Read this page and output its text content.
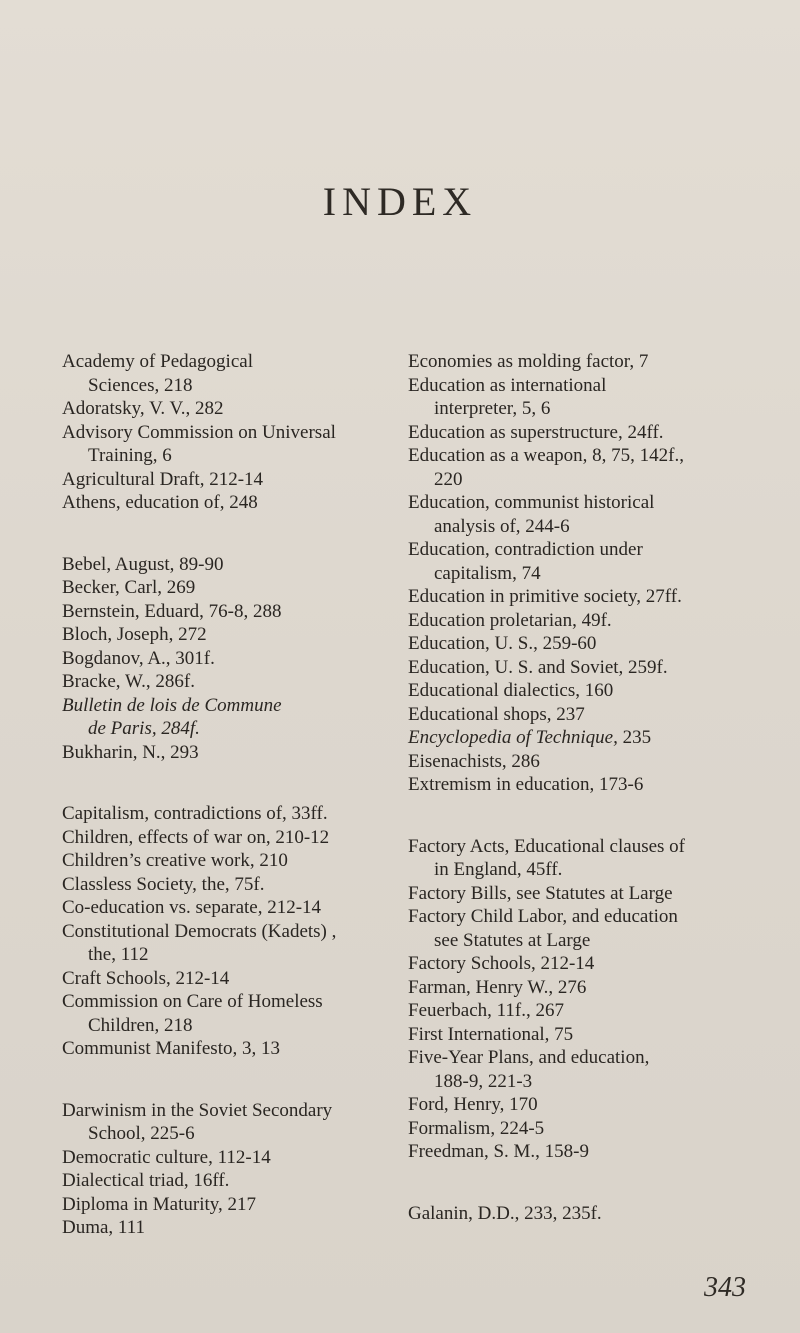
INDEX
Academy of Pedagogical
Sciences, 218
Adoratsky, V. V., 282
Advisory Commission on Universal
Training, 6
Agricultural Draft, 212-14
Athens, education of, 248
Bebel, August, 89-90
Becker, Carl, 269
Bernstein, Eduard, 76-8, 288
Bloch, Joseph, 272
Bogdanov, A., 301f.
Bracke, W., 286f.
Bulletin de lois de Commune
de Paris, 284f.
Bukharin, N., 293
Capitalism, contradictions of, 33ff.
Children, effects of war on, 210-12
Children’s creative work, 210
Classless Society, the, 75f.
Co-education vs. separate, 212-14
Constitutional Democrats (Kadets) ,
the, 112
Craft Schools, 212-14
Commission on Care of Homeless
Children, 218
Communist Manifesto, 3, 13
Darwinism in the Soviet Secondary
School, 225-6
Democratic culture, 112-14
Dialectical triad, 16ff.
Diploma in Maturity, 217
Duma, 111
Economies as molding factor, 7
Education as international
interpreter, 5, 6
Education as superstructure, 24ff.
Education as a weapon, 8, 75, 142f.,
220
Education, communist historical
analysis of, 244-6
Education, contradiction under
capitalism, 74
Education in primitive society, 27ff.
Education proletarian, 49f.
Education, U. S., 259-60
Education, U. S. and Soviet, 259f.
Educational dialectics, 160
Educational shops, 237
Encyclopedia of Technique, 235
Eisenachists, 286
Extremism in education, 173-6
Factory Acts, Educational clauses of
in England, 45ff.
Factory Bills, see Statutes at Large
Factory Child Labor, and education
see Statutes at Large
Factory Schools, 212-14
Farman, Henry W., 276
Feuerbach, 11f., 267
First International, 75
Five-Year Plans, and education,
188-9, 221-3
Ford, Henry, 170
Formalism, 224-5
Freedman, S. M., 158-9
Galanin, D.D., 233, 235f.
343
